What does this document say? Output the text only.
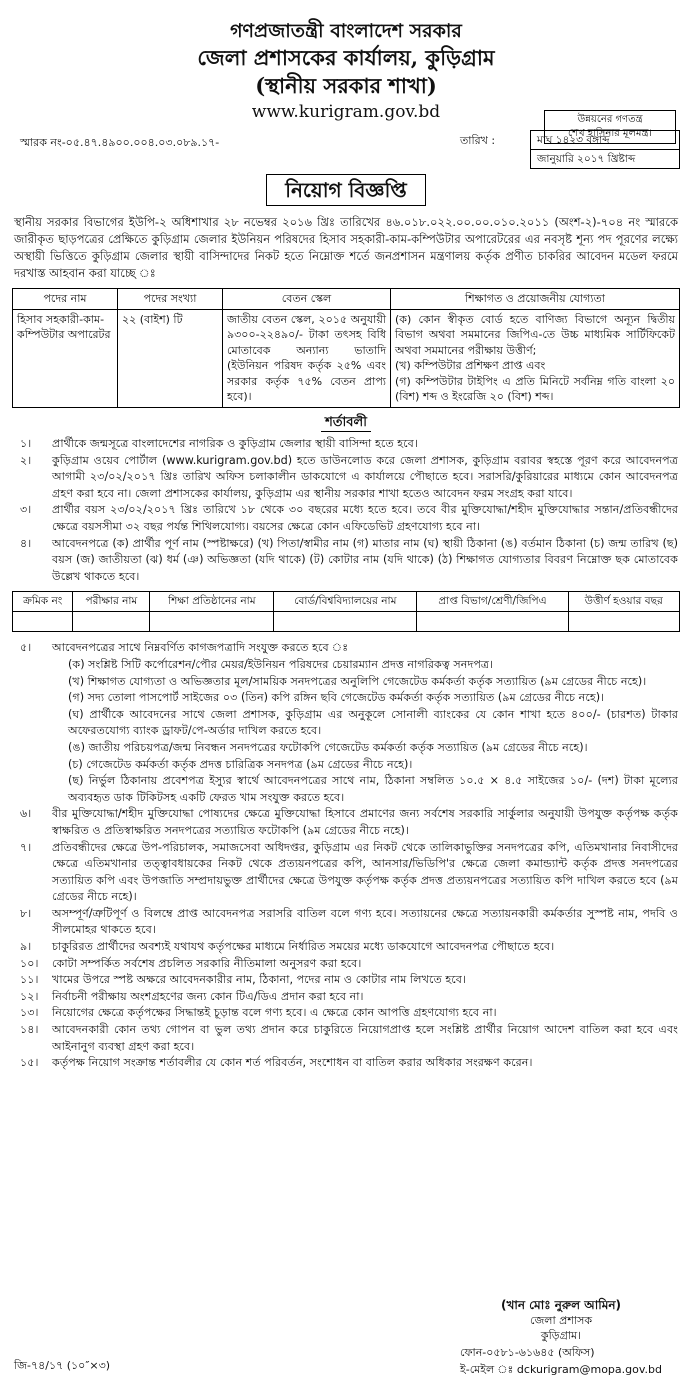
গণপ্রজাতন্ত্রী বাংলাদেশ সরকার
জেলা প্রশাসকের কার্যালয়, কুড়িগ্রাম
(স্থানীয় সরকার শাখা)
www.kurigram.gov.bd	উন্নয়নের গণতন্ত্র
শেখ হাসিনার মূলমন্ত্র।
স্মারক নং-০৫.৪৭.৪৯০০.০০৪.০৩.০৮৯.১৭-	তারিখ :	মাঘ ১৪২৩ বঙ্গাব্দ
জানুয়ারি ২০১৭ খ্রিষ্টাব্দ
নিয়োগ বিজ্ঞপ্তি

স্থানীয় সরকার বিভাগের ইউপি-২ অধিশাখার ২৮ নভেম্বর ২০১৬ খ্রিঃ তারিখের ৪৬.০১৮.০২২.০০.০০.০১০.২০১১ (অংশ-২)-৭০৪ নং স্মারকে জারীকৃত ছাড়পত্রের প্রেক্ষিতে কুড়িগ্রাম জেলার ইউনিয়ন পরিষদের হিসাব সহকারী-কাম-কম্পিউটার অপারেটরের এর নবসৃষ্ট শূন্য পদ পূরণের লক্ষ্যে অস্থায়ী ভিত্তিতে কুড়িগ্রাম জেলার স্থায়ী বাসিন্দাদের নিকট হতে নিম্নোক্ত শর্তে জনপ্রশাসন মন্ত্রণালয় কর্তৃক প্রণীত চাকরির আবেদন মডেল ফরমে দরখাস্ত আহবান করা যাচ্ছে ঃ

পদের নাম	পদের সংখ্যা	বেতন স্কেল	শিক্ষাগত ও প্রয়োজনীয় যোগ্যতা
হিসাব সহকারী-কাম-কম্পিউটার অপারেটর	২২ (বাইশ) টি	জাতীয় বেতন স্কেল, ২০১৫ অনুযায়ী ৯৩০০-২২৪৯০/- টাকা তৎসহ বিধি মোতাবেক অন্যান্য ভাতাদি (ইউনিয়ন পরিষদ কর্তৃক ২৫% এবং সরকার কর্তৃক ৭৫% বেতন প্রাপ্য হবে)।	(ক) কোন স্বীকৃত বোর্ড হতে বাণিজ্য বিভাগে অন্যূন দ্বিতীয় বিভাগ অথবা সমমানের জিপিএ-তে উচ্চ মাধ্যমিক সার্টিফিকেট অথবা সমমানের পরীক্ষায় উত্তীর্ণ;
(খ) কম্পিউটার প্রশিক্ষণ প্রাপ্ত এবং
(গ) কম্পিউটার টাইপিং এ প্রতি মিনিটে সর্বনিম্ন গতি বাংলা ২০ (বিশ) শব্দ ও ইংরেজি ২০ (বিশ) শব্দ।
শর্তাবলী
১।	প্রার্থীকে জন্মসূত্রে বাংলাদেশের নাগরিক ও কুড়িগ্রাম জেলার স্থায়ী বাসিন্দা হতে হবে।
২।	কুড়িগ্রাম ওয়েব পোর্টাল (www.kurigram.gov.bd) হতে ডাউনলোড করে জেলা প্রশাসক, কুড়িগ্রাম বরাবর স্বহস্তে পূরণ করে আবেদনপত্র আগামী ২৩/০২/২০১৭ খ্রিঃ তারিখ অফিস চলাকালীন ডাকযোগে এ কার্যালয়ে পৌছাতে হবে। সরাসরি/কুরিয়ারের মাধ্যমে কোন আবেদনপত্র গ্রহণ করা হবে না। জেলা প্রশাসকের কার্যালয়, কুড়িগ্রাম এর স্থানীয় সরকার শাখা হতেও আবেদন ফরম সংগ্রহ করা যাবে।
৩।	প্রার্থীর বয়স ২৩/০২/২০১৭ খ্রিঃ তারিখে ১৮ থেকে ৩০ বছরের মধ্যে হতে হবে। তবে বীর মুক্তিযোদ্ধা/শহীদ মুক্তিযোদ্ধার সন্তান/প্রতিবন্ধীদের ক্ষেত্রে বয়সসীমা ৩২ বছর পর্যন্ত শিথিলযোগ্য। বয়সের ক্ষেত্রে কোন এফিডেভিট গ্রহণযোগ্য হবে না।
৪।	আবেদনপত্রে (ক) প্রার্থীর পূর্ণ নাম (স্পষ্টাক্ষরে) (খ) পিতা/স্বামীর নাম (গ) মাতার নাম (ঘ) স্থায়ী ঠিকানা (ঙ) বর্তমান ঠিকানা (চ) জন্ম তারিখ (ছ) বয়স (জ) জাতীয়তা (ঝ) ধর্ম (ঞ) অভিজ্ঞতা (যদি থাকে) (ট) কোটার নাম (যদি থাকে) (ঠ) শিক্ষাগত যোগ্যতার বিবরণ নিম্নোক্ত ছক মোতাবেক উল্লেখ থাকতে হবে।
ক্রমিক নং	পরীক্ষার নাম	শিক্ষা প্রতিষ্ঠানের নাম	বোর্ড/বিশ্ববিদ্যালয়ের নাম	প্রাপ্ত বিভাগ/শ্রেণী/জিপিএ	উত্তীর্ণ হওয়ার বছর

৫।	আবেদনপত্রের সাথে নিম্নবর্ণিত কাগজপত্রাদি সংযুক্ত করতে হবে ঃ
(ক) সংশ্লিষ্ট সিটি কর্পোরেশন/পৌর মেয়র/ইউনিয়ন পরিষদের চেয়ারম্যান প্রদত্ত নাগরিকত্ব সনদপত্র।
(খ) শিক্ষাগত যোগ্যতা ও অভিজ্ঞতার মূল/সাময়িক সনদপত্রের অনুলিপি গেজেটেড কর্মকর্তা কর্তৃক সত্যায়িত (৯ম গ্রেডের নীচে নহে)।
(গ) সদ্য তোলা পাসপোর্ট সাইজের ০৩ (তিন) কপি রঙ্গিন ছবি গেজেটেড কর্মকর্তা কর্তৃক সত্যায়িত (৯ম গ্রেডের নীচে নহে)।
(ঘ) প্রার্থীকে আবেদনের সাথে জেলা প্রশাসক, কুড়িগ্রাম এর অনুকূলে সোনালী ব্যাংকের যে কোন শাখা হতে ৪০০/- (চারশত) টাকার অফেরতযোগ্য ব্যাংক ড্রাফট/পে-অর্ডার দাখিল করতে হবে।
(ঙ) জাতীয় পরিচয়পত্র/জন্ম নিবন্ধন সনদপত্রের ফটোকপি গেজেটেড কর্মকর্তা কর্তৃক সত্যায়িত (৯ম গ্রেডের নীচে নহে)।
(চ) গেজেটেড কর্মকর্তা কর্তৃক প্রদত্ত চারিত্রিক সনদপত্র (৯ম গ্রেডের নীচে নহে)।
(ছ) নির্ভুল ঠিকানায় প্রবেশপত্র ইস্যুর স্বার্থে আবেদনপত্রের সাথে নাম, ঠিকানা সম্বলিত ১০.৫ × ৪.৫ সাইজের ১০/- (দশ) টাকা মূল্যের অব্যবহৃত ডাক টিকিটসহ একটি ফেরত খাম সংযুক্ত করতে হবে।
৬।	বীর মুক্তিযোদ্ধা/শহীদ মুক্তিযোদ্ধা পোষ্যদের ক্ষেত্রে মুক্তিযোদ্ধা হিসাবে প্রমাণের জন্য সর্বশেষ সরকারি সার্কুলার অনুযায়ী উপযুক্ত কর্তৃপক্ষ কর্তৃক স্বাক্ষরিত ও প্রতিস্বাক্ষরিত সনদপত্রের সত্যায়িত ফটোকপি (৯ম গ্রেডের নীচে নহে)।
৭।	প্রতিবন্ধীদের ক্ষেত্রে উপ-পরিচালক, সমাজসেবা অধিদপ্তর, কুড়িগ্রাম এর নিকট থেকে তালিকাভুক্তির সনদপত্রের কপি, এতিমখানার নিবাসীদের ক্ষেত্রে এতিমখানার তত্ত্বাবধায়কের নিকট থেকে প্রত্যয়নপত্রের কপি, আনসার/ভিডিপি'র ক্ষেত্রে জেলা কমান্ড্যান্ট কর্তৃক প্রদত্ত সনদপত্রের সত্যায়িত কপি এবং উপজাতি সম্প্রদায়ভুক্ত প্রার্থীদের ক্ষেত্রে উপযুক্ত কর্তৃপক্ষ কর্তৃক প্রদত্ত প্রত্যয়নপত্রের সত্যায়িত কপি দাখিল করতে হবে (৯ম গ্রেডের নীচে নহে)।
৮।	অসম্পূর্ণ/ত্রুটিপূর্ণ ও বিলম্বে প্রাপ্ত আবেদনপত্র সরাসরি বাতিল বলে গণ্য হবে। সত্যায়নের ক্ষেত্রে সত্যায়নকারী কর্মকর্তার সুস্পষ্ট নাম, পদবি ও সীলমোহর থাকতে হবে।
৯।	চাকুরিরত প্রার্থীদের অবশ্যই যথাযথ কর্তৃপক্ষের মাধ্যমে নির্ধারিত সময়ের মধ্যে ডাকযোগে আবেদনপত্র পৌছাতে হবে।
১০।	কোটা সম্পর্কিত সর্বশেষ প্রচলিত সরকারি নীতিমালা অনুসরণ করা হবে।
১১।	খামের উপরে স্পষ্ট অক্ষরে আবেদনকারীর নাম, ঠিকানা, পদের নাম ও কোটার নাম লিখতে হবে।
১২।	নির্বাচনী পরীক্ষায় অংশগ্রহণের জন্য কোন টিএ/ডিএ প্রদান করা হবে না।
১৩।	নিয়োগের ক্ষেত্রে কর্তৃপক্ষের সিদ্ধান্তই চূড়ান্ত বলে গণ্য হবে। এ ক্ষেত্রে কোন আপত্তি গ্রহণযোগ্য হবে না।
১৪।	আবেদনকারী কোন তথ্য গোপন বা ভুল তথ্য প্রদান করে চাকুরিতে নিয়োগপ্রাপ্ত হলে সংশ্লিষ্ট প্রার্থীর নিয়োগ আদেশ বাতিল করা হবে এবং আইনানুগ ব্যবস্থা গ্রহণ করা হবে।
১৫।	কর্তৃপক্ষ নিয়োগ সংক্রান্ত শর্তাবলীর যে কোন শর্ত পরিবর্তন, সংশোধন বা বাতিল করার অধিকার সংরক্ষণ করেন।
(খান মোঃ নুরুল আমিন)
জেলা প্রশাসক
কুড়িগ্রাম।
ফোন-০৫৮১-৬১৬৪৫ (অফিস)
ই-মেইল ঃ dckurigram@mopa.gov.bd
জি-৭৪/১৭ (১০″×৩)
